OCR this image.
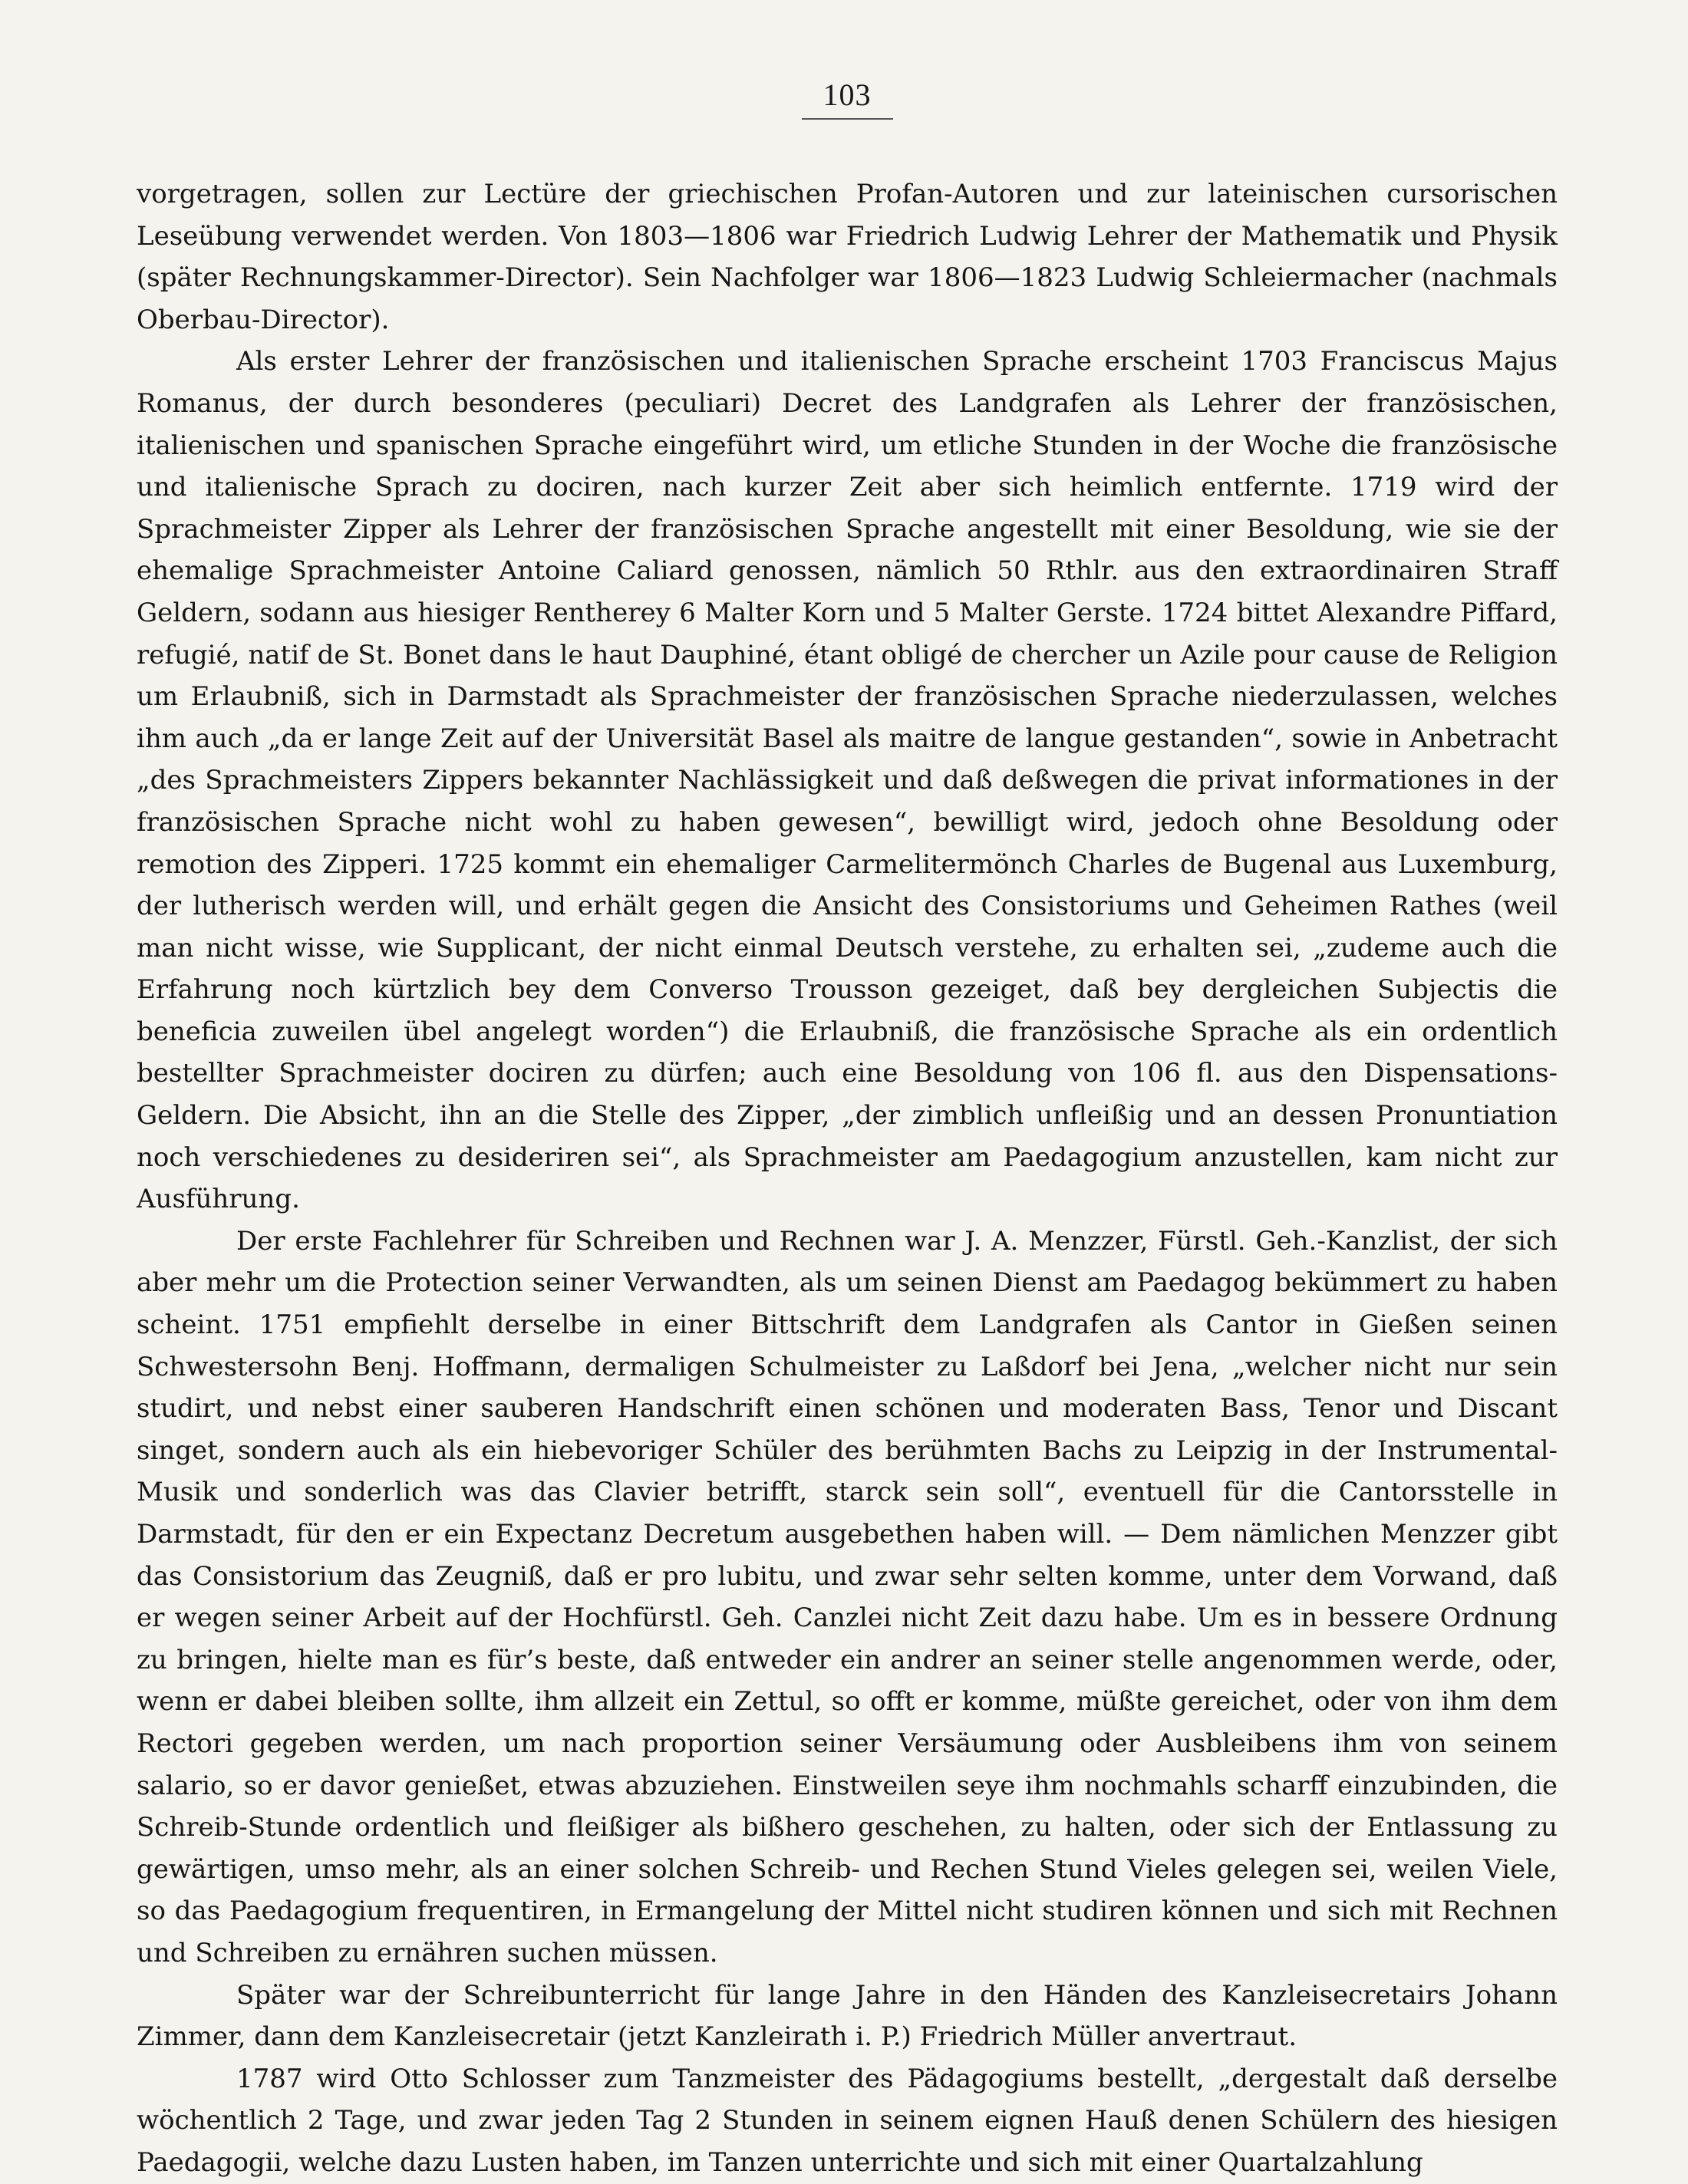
103

vorgetragen, sollen zur Lectüre der griechischen Profan-Autoren und zur lateinischen cursorischen Leseübung verwendet werden. Von 1803—1806 war Friedrich Ludwig Lehrer der Mathematik und Physik (später Rechnungskammer-Director). Sein Nachfolger war 1806—1823 Ludwig Schleiermacher (nachmals Oberbau-Director).

Als erster Lehrer der französischen und italienischen Sprache erscheint 1703 Franciscus Majus Romanus, der durch besonderes (peculiari) Decret des Landgrafen als Lehrer der französischen, italienischen und spanischen Sprache eingeführt wird, um etliche Stunden in der Woche die französische und italienische Sprach zu dociren, nach kurzer Zeit aber sich heimlich entfernte. 1719 wird der Sprachmeister Zipper als Lehrer der französischen Sprache angestellt mit einer Besoldung, wie sie der ehemalige Sprachmeister Antoine Caliard genossen, nämlich 50 Rthlr. aus den extraordinairen Straff Geldern, sodann aus hiesiger Rentherey 6 Malter Korn und 5 Malter Gerste. 1724 bittet Alexandre Piffard, refugié, natif de St. Bonet dans le haut Dauphiné, étant obligé de chercher un Azile pour cause de Religion um Erlaubniß, sich in Darmstadt als Sprachmeister der französischen Sprache niederzulassen, welches ihm auch „da er lange Zeit auf der Universität Basel als maitre de langue gestanden“, sowie in Anbetracht „des Sprachmeisters Zippers bekannter Nachlässigkeit und daß deßwegen die privat informationes in der französischen Sprache nicht wohl zu haben gewesen“, bewilligt wird, jedoch ohne Besoldung oder remotion des Zipperi. 1725 kommt ein ehemaliger Carmelitermönch Charles de Bugenal aus Luxemburg, der lutherisch werden will, und erhält gegen die Ansicht des Consistoriums und Geheimen Rathes (weil man nicht wisse, wie Supplicant, der nicht einmal Deutsch verstehe, zu erhalten sei, „zudeme auch die Erfahrung noch kürtzlich bey dem Converso Trousson gezeiget, daß bey dergleichen Subjectis die beneficia zuweilen übel angelegt worden“) die Erlaubniß, die französische Sprache als ein ordentlich bestellter Sprachmeister dociren zu dürfen; auch eine Besoldung von 106 fl. aus den Dispensations-Geldern. Die Absicht, ihn an die Stelle des Zipper, „der zimblich unfleißig und an dessen Pronuntiation noch verschiedenes zu desideriren sei“, als Sprachmeister am Paedagogium anzustellen, kam nicht zur Ausführung.

Der erste Fachlehrer für Schreiben und Rechnen war J. A. Menzzer, Fürstl. Geh.-Kanzlist, der sich aber mehr um die Protection seiner Verwandten, als um seinen Dienst am Paedagog bekümmert zu haben scheint. 1751 empfiehlt derselbe in einer Bittschrift dem Landgrafen als Cantor in Gießen seinen Schwestersohn Benj. Hoffmann, dermaligen Schulmeister zu Laßdorf bei Jena, „welcher nicht nur sein studirt, und nebst einer sauberen Handschrift einen schönen und moderaten Bass, Tenor und Discant singet, sondern auch als ein hiebevoriger Schüler des berühmten Bachs zu Leipzig in der Instrumental-Musik und sonderlich was das Clavier betrifft, starck sein soll“, eventuell für die Cantorsstelle in Darmstadt, für den er ein Expectanz Decretum ausgebethen haben will. — Dem nämlichen Menzzer gibt das Consistorium das Zeugniß, daß er pro lubitu, und zwar sehr selten komme, unter dem Vorwand, daß er wegen seiner Arbeit auf der Hochfürstl. Geh. Canzlei nicht Zeit dazu habe. Um es in bessere Ordnung zu bringen, hielte man es für’s beste, daß entweder ein andrer an seiner stelle angenommen werde, oder, wenn er dabei bleiben sollte, ihm allzeit ein Zettul, so offt er komme, müßte gereichet, oder von ihm dem Rectori gegeben werden, um nach proportion seiner Versäumung oder Ausbleibens ihm von seinem salario, so er davor genießet, etwas abzuziehen. Einstweilen seye ihm nochmahls scharff einzubinden, die Schreib-Stunde ordentlich und fleißiger als bißhero geschehen, zu halten, oder sich der Entlassung zu gewärtigen, umso mehr, als an einer solchen Schreib- und Rechen Stund Vieles gelegen sei, weilen Viele, so das Paedagogium frequentiren, in Ermangelung der Mittel nicht studiren können und sich mit Rechnen und Schreiben zu ernähren suchen müssen.

Später war der Schreibunterricht für lange Jahre in den Händen des Kanzleisecretairs Johann Zimmer, dann dem Kanzleisecretair (jetzt Kanzleirath i. P.) Friedrich Müller anvertraut.

1787 wird Otto Schlosser zum Tanzmeister des Pädagogiums bestellt, „dergestalt daß derselbe wöchentlich 2 Tage, und zwar jeden Tag 2 Stunden in seinem eignen Hauß denen Schülern des hiesigen Paedagogii, welche dazu Lusten haben, im Tanzen unterrichte und sich mit einer Quartalzahlung
